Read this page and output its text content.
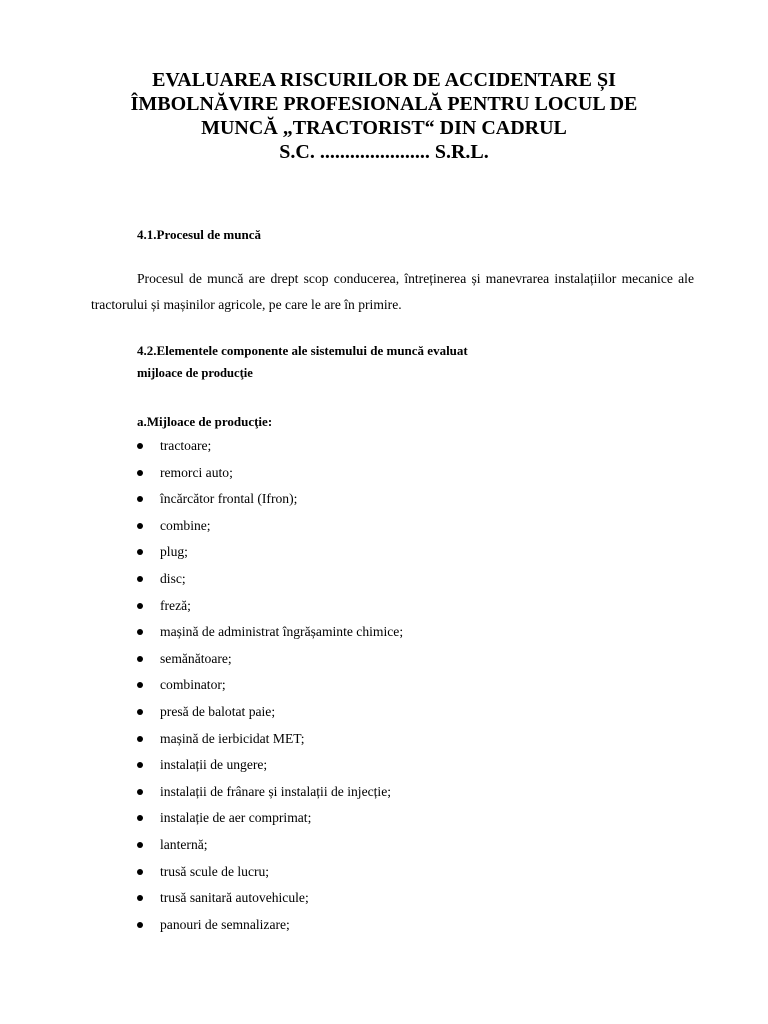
EVALUAREA RISCURILOR DE ACCIDENTARE ȘI
ÎMBOLNĂVIRE PROFESIONALĂ PENTRU LOCUL DE
MUNCĂ „TRACTORIST“ DIN CADRUL
S.C. ...................... S.R.L.

4.1.Procesul de muncă

Procesul de muncă are drept scop conducerea, întreținerea și manevrarea instalațiilor mecanice ale tractorului și mașinilor agricole, pe care le are în primire.

4.2.Elementele componente ale sistemului de muncă evaluat

mijloace de producţie

a.Mijloace de producţie:

tractoare;
remorci auto;
încărcător frontal (Ifron);
combine;
plug;
disc;
freză;
mașină de administrat îngrășaminte chimice;
semănătoare;
combinator;
presă de balotat paie;
mașină de ierbicidat MET;
instalații de ungere;
instalații de frânare și instalații de injecție;
instalație de aer comprimat;
lanternă;
trusă scule de lucru;
trusă sanitară autovehicule;
panouri de semnalizare;
